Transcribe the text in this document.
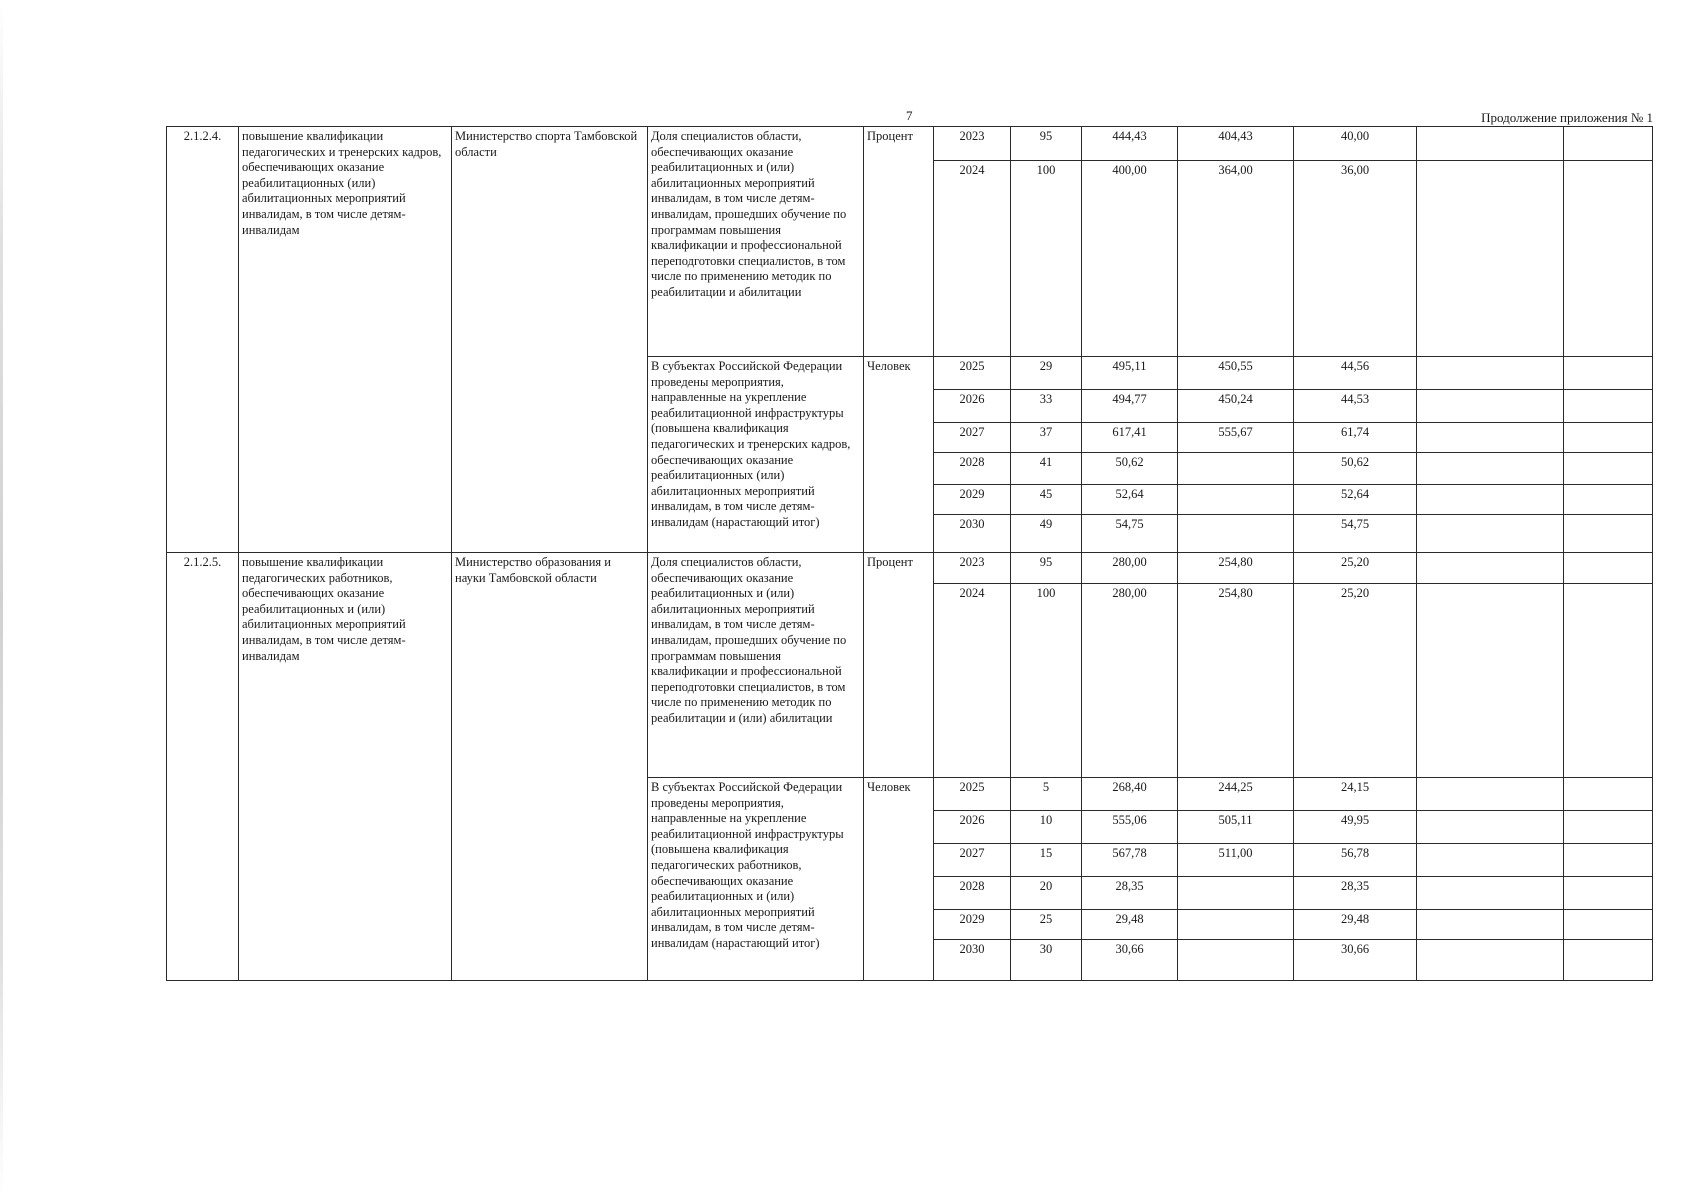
7	Продолжение приложения № 1
2.1.2.4.	повышение квалификации педагогических и тренерских кадров, обеспечивающих оказание реабилитационных (или) абилитационных мероприятий инвалидам, в том числе детям-инвалидам	Министерство спорта Тамбовской области	Доля специалистов области, обеспечивающих оказание реабилитационных и (или) абилитационных мероприятий инвалидам, в том числе детям-инвалидам, прошедших обучение по программам повышения квалификации и профессиональной переподготовки специалистов, в том числе по применению методик по реабилитации и абилитации	Процент	2023	95	444,43	404,43	40,00		
					2024	100	400,00	364,00	36,00		
			В субъектах Российской Федерации проведены мероприятия, направленные на укрепление реабилитационной инфраструктуры (повышена квалификация педагогических и тренерских кадров, обеспечивающих оказание реабилитационных (или) абилитационных мероприятий инвалидам, в том числе детям-инвалидам (нарастающий итог)	Человек	2025	29	495,11	450,55	44,56		
					2026	33	494,77	450,24	44,53		
					2027	37	617,41	555,67	61,74		
					2028	41	50,62		50,62		
					2029	45	52,64		52,64		
					2030	49	54,75		54,75		
2.1.2.5.	повышение квалификации педагогических работников, обеспечивающих оказание реабилитационных и (или) абилитационных мероприятий инвалидам, в том числе детям-инвалидам	Министерство образования и науки Тамбовской области	Доля специалистов области, обеспечивающих оказание реабилитационных и (или) абилитационных мероприятий инвалидам, в том числе детям-инвалидам, прошедших обучение по программам повышения квалификации и профессиональной переподготовки специалистов, в том числе по применению методик по реабилитации и (или) абилитации	Процент	2023	95	280,00	254,80	25,20		
					2024	100	280,00	254,80	25,20		
			В субъектах Российской Федерации проведены мероприятия, направленные на укрепление реабилитационной инфраструктуры (повышена квалификация педагогических работников, обеспечивающих оказание реабилитационных и (или) абилитационных мероприятий инвалидам, в том числе детям-инвалидам (нарастающий итог)	Человек	2025	5	268,40	244,25	24,15		
					2026	10	555,06	505,11	49,95		
					2027	15	567,78	511,00	56,78		
					2028	20	28,35		28,35		
					2029	25	29,48		29,48		
					2030	30	30,66		30,66		
